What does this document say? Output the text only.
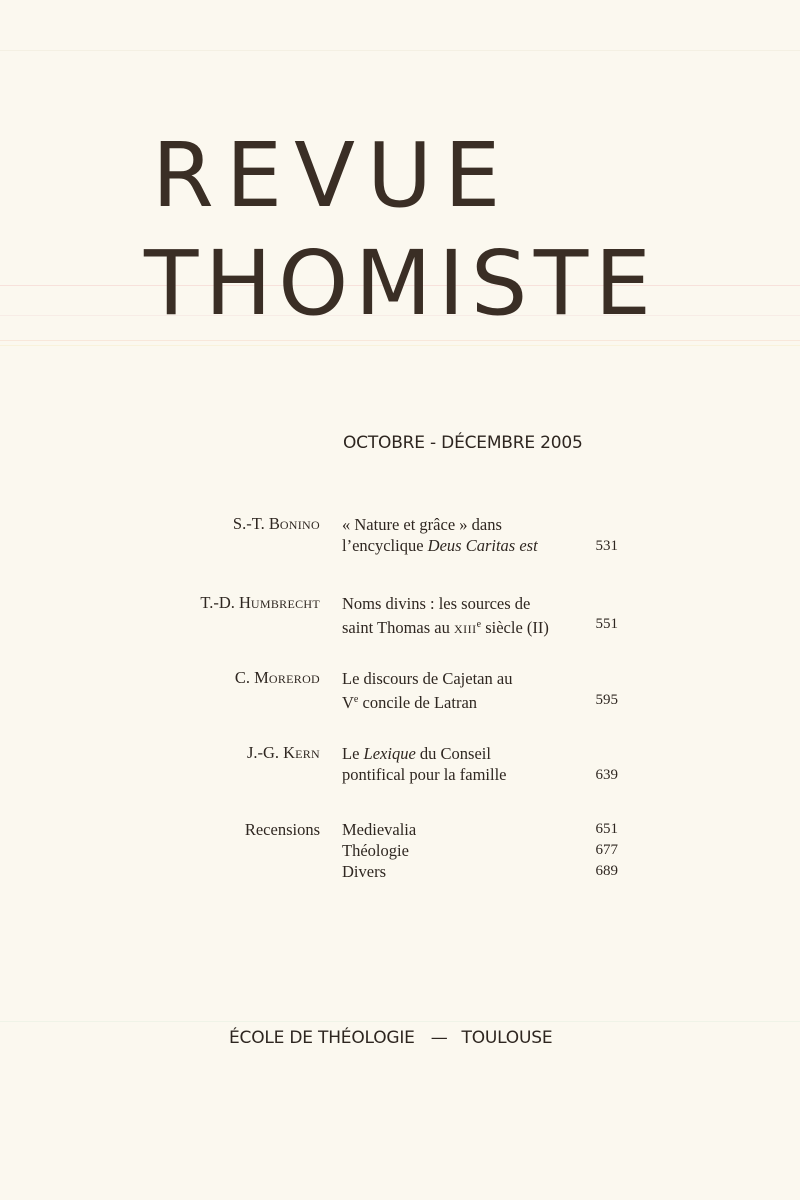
REVUE
THOMISTE
OCTOBRE - DÉCEMBRE 2005
S.-T. Bonino « Nature et grâce » dans
l’encyclique Deus Caritas est	531
T.-D. Humbrecht Noms divins : les sources de
saint Thomas au xiii$^e$ siècle (II)	551
C. Morerod Le discours de Cajetan au
Ve concile de Latran	595
J.-G. Kern Le Lexique du Conseil
pontifical pour la famille	639
Recensions Medievalia	651
Théologie	677
Divers	689
ÉCOLE DE THÉOLOGIE — TOULOUSE
